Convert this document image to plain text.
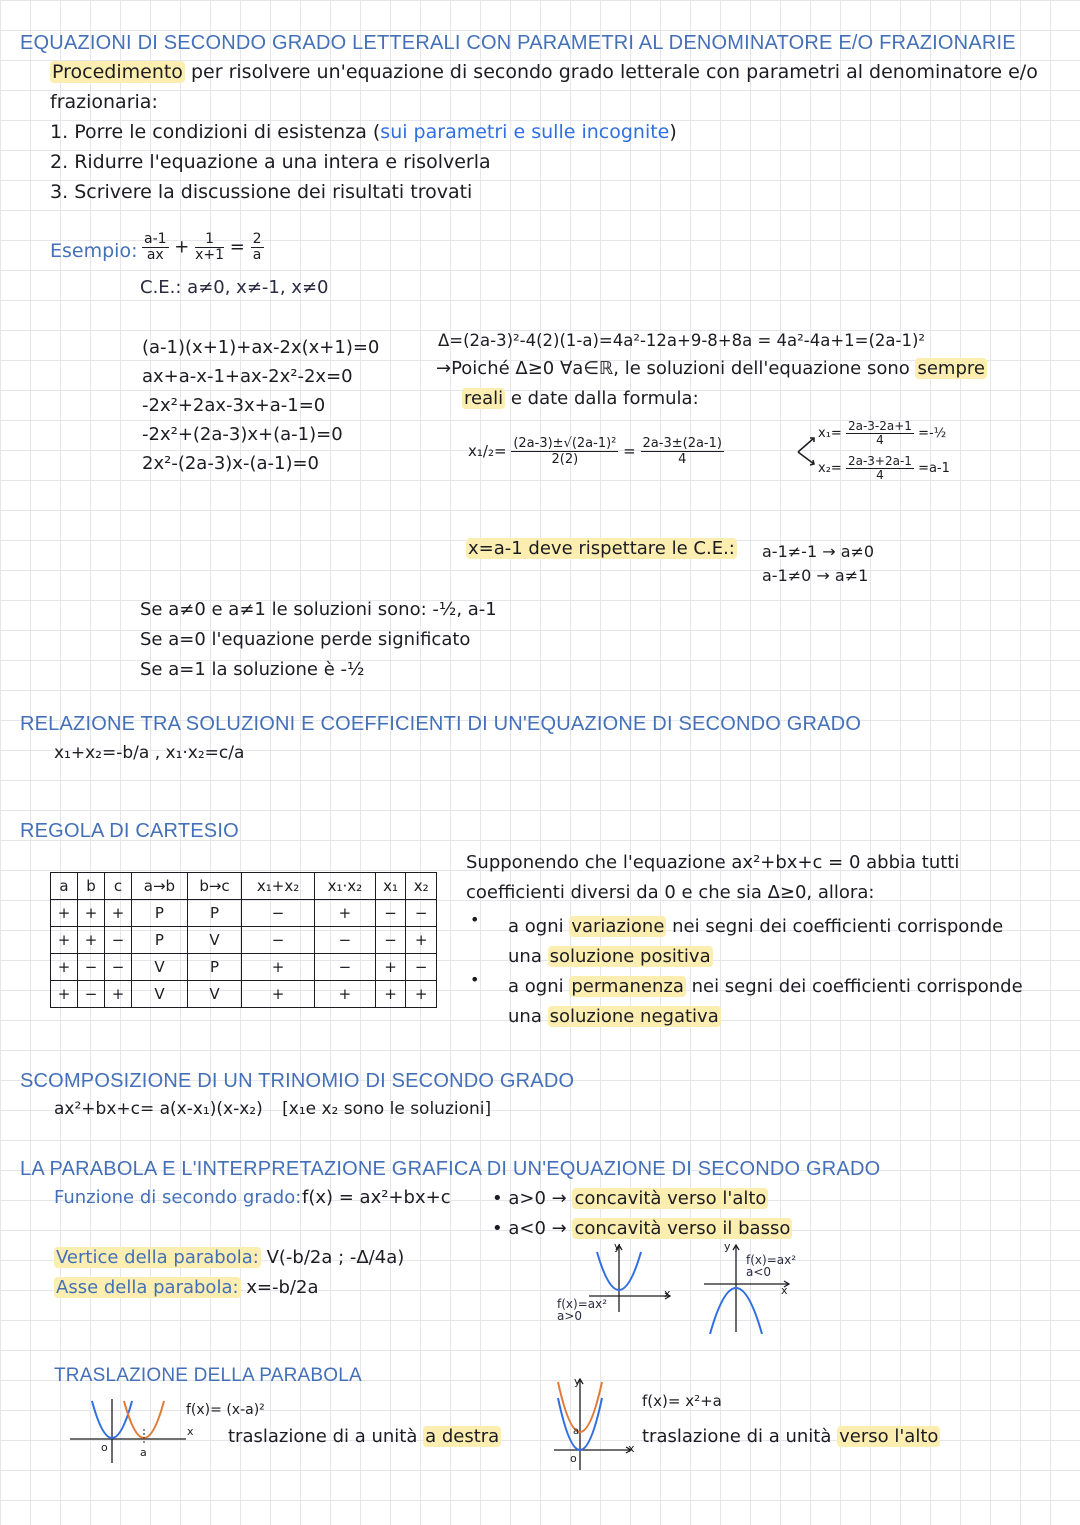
EQUAZIONI DI SECONDO GRADO LETTERALI CON PARAMETRI AL DENOMINATORE E/O FRAZIONARIE
Procedimento per risolvere un'equazione di secondo grado letterale con parametri al denominatore e/o
frazionaria:
1. Porre le condizioni di esistenza (sui parametri e sulle incognite)
2. Ridurre l'equazione a una intera e risolverla
3. Scrivere la discussione dei risultati trovati
Esempio: $\frac{a-1}{ax} + \frac{1}{x+1} = \frac{2}{a}$
C.E.: a≠0, x≠-1, x≠0
(a-1)(x+1)+ax-2x(x+1)=0
ax+a-x-1+ax-2x²-2x=0
-2x²+2ax-3x+a-1=0
-2x²+(2a-3)x+(a-1)=0
2x²-(2a-3)x-(a-1)=0
Δ=(2a-3)²-4(2)(1-a)=4a²-12a+9-8+8a = 4a²-4a+1=(2a-1)²
→Poiché Δ≥0 ∀a∈ℝ, le soluzioni dell'equazione sono sempre
reali e date dalla formula:
$x_1/_2= \frac{\text{(2a-3)±√(2a-1)²}}{2(2)} = \frac{2a-3\pm(2a-1)}{4}$
$x_1= \frac{2a-3-2a+1}{4}$ =-½
$x_2= \frac{2a-3+2a-1}{4} =a-1$
x=a-1 deve rispettare le C.E.: a-1≠-1 → a≠0
a-1≠0 → a≠1
Se a≠0 e a≠1 le soluzioni sono: -½, a-1
Se a=0 l'equazione perde significato
Se a=1 la soluzione è -½
RELAZIONE TRA SOLUZIONI E COEFFICIENTI DI UN'EQUAZIONE DI SECONDO GRADO
x₁+x₂=-b/a , x₁·x₂=c/a
REGOLA DI CARTESIO
a	b	c	a→b	b→c	x₁+x₂	x₁·x₂	x₁	x₂
+	+	+	P	P	−	+	−	−
+	+	−	P	V	−	−	−	+
+	−	−	V	P	+	−	+	−
+	−	+	V	V	+	+	+	+
Supponendo che l'equazione ax²+bx+c = 0 abbia tutti
coefficienti diversi da 0 e che sia Δ≥0, allora:
• a ogni variazione nei segni dei coefficienti corrisponde
una soluzione positiva
• a ogni permanenza nei segni dei coefficienti corrisponde
una soluzione negativa
SCOMPOSIZIONE DI UN TRINOMIO DI SECONDO GRADO
ax²+bx+c= a(x-x₁)(x-x₂) [x₁e x₂ sono le soluzioni]
LA PARABOLA E L'INTERPRETAZIONE GRAFICA DI UN'EQUAZIONE DI SECONDO GRADO
Funzione di secondo grado: f(x) = ax²+bx+c • a>0 → concavità verso l'alto
• a<0 → concavità verso il basso
Vertice della parabola: V(-b/2a ; -Δ/4a)
Asse della parabola: x=-b/2a
y
x
f(x)=ax²
a>0
y
x
f(x)=ax²
a<0
TRASLAZIONE DELLA PARABOLA
o	a
x
f(x)= (x-a)²
traslazione di a unità a destra
y
x
o
a
f(x)= x²+a
traslazione di a unità verso l'alto
